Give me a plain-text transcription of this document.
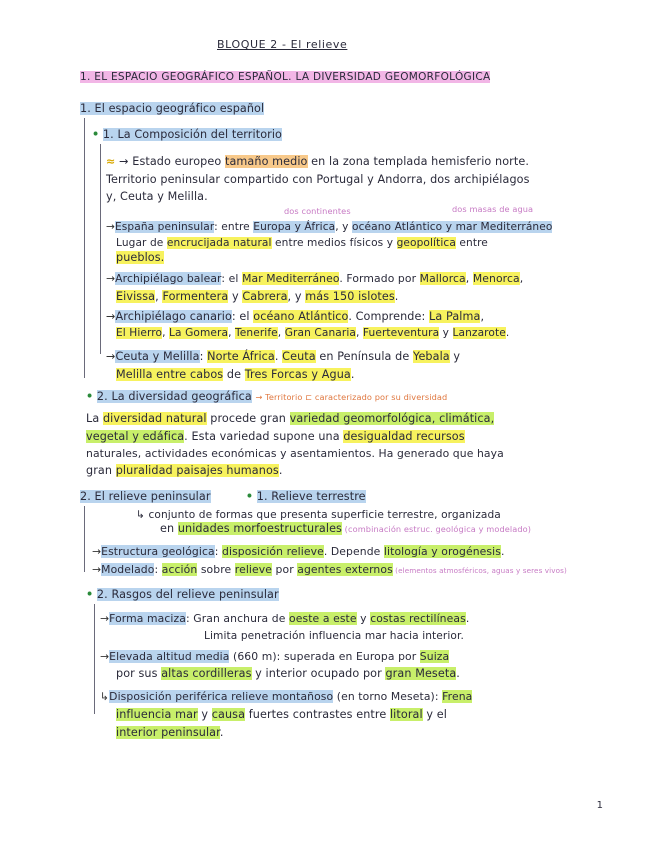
BLOQUE 2 - El relieve
1. EL ESPACIO GEOGRÁFICO ESPAÑOL. LA DIVERSIDAD GEOMORFOLÓGICA
1. El espacio geográfico español
• 1. La Composición del territorio
≈ → Estado europeo tamaño medio en la zona templada hemisferio norte.
Territorio peninsular compartido con Portugal y Andorra, dos archipiélagos
y, Ceuta y Melilla.
dos continentes	dos masas de agua
→España peninsular: entre Europa y África, y océano Atlántico y mar Mediterráneo
Lugar de encrucijada natural entre medios físicos y geopolítica entre
pueblos.
→Archipiélago balear: el Mar Mediterráneo. Formado por Mallorca, Menorca,
Eivissa, Formentera y Cabrera, y más 150 islotes.
→Archipiélago canario: el océano Atlántico. Comprende: La Palma,
El Hierro, La Gomera, Tenerife, Gran Canaria, Fuerteventura y Lanzarote.
→Ceuta y Melilla: Norte África. Ceuta en Península de Yebala y
Melilla entre cabos de Tres Forcas y Agua.
• 2. La diversidad geográfica → Territorio ⊏ caracterizado por su diversidad
La diversidad natural procede gran variedad geomorfológica, climática,
vegetal y edáfica. Esta variedad supone una desigualdad recursos
naturales, actividades económicas y asentamientos. Ha generado que haya
gran pluralidad paisajes humanos.
2. El relieve peninsular	• 1. Relieve terrestre
↳ conjunto de formas que presenta superficie terrestre, organizada
en unidades morfoestructurales (combinación estruc. geológica y modelado)
→Estructura geológica: disposición relieve. Depende litología y orogénesis.
→Modelado: acción sobre relieve por agentes externos (elementos atmosféricos, aguas y seres vivos)
• 2. Rasgos del relieve peninsular
→Forma maciza: Gran anchura de oeste a este y costas rectilíneas.
Limita penetración influencia mar hacia interior.
→Elevada altitud media (660 m): superada en Europa por Suiza
por sus altas cordilleras y interior ocupado por gran Meseta.
↳Disposición periférica relieve montañoso (en torno Meseta): Frena
influencia mar y causa fuertes contrastes entre litoral y el
interior peninsular.
1
